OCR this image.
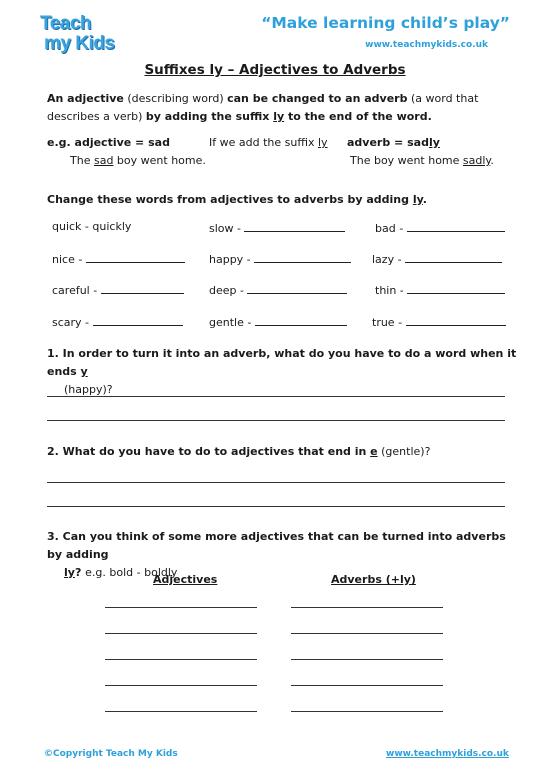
Teach
my Kids
“Make learning child’s play”
www.teachmykids.co.uk
Suffixes ly – Adjectives to Adverbs
An adjective (describing word) can be changed to an adverb (a word that describes a verb) by adding the suffix ly to the end of the word.
e.g. adjective = sad	If we add the suffix ly adverb = sadly
The sad boy went home.	The boy went home sadly.
Change these words from adjectives to adverbs by adding ly.
quick - quickly	slow -	bad -
nice -	happy -	lazy -
careful -	deep -	thin -
scary -	gentle -	true -
1. In order to turn it into an adverb, what do you have to do a word when it ends y
(happy)?
2. What do you have to do to adjectives that end in e (gentle)?
3. Can you think of some more adjectives that can be turned into adverbs by adding
ly? e.g. bold - boldly
Adjectives	Adverbs (+ly)
©Copyright Teach My Kids	www.teachmykids.co.uk
